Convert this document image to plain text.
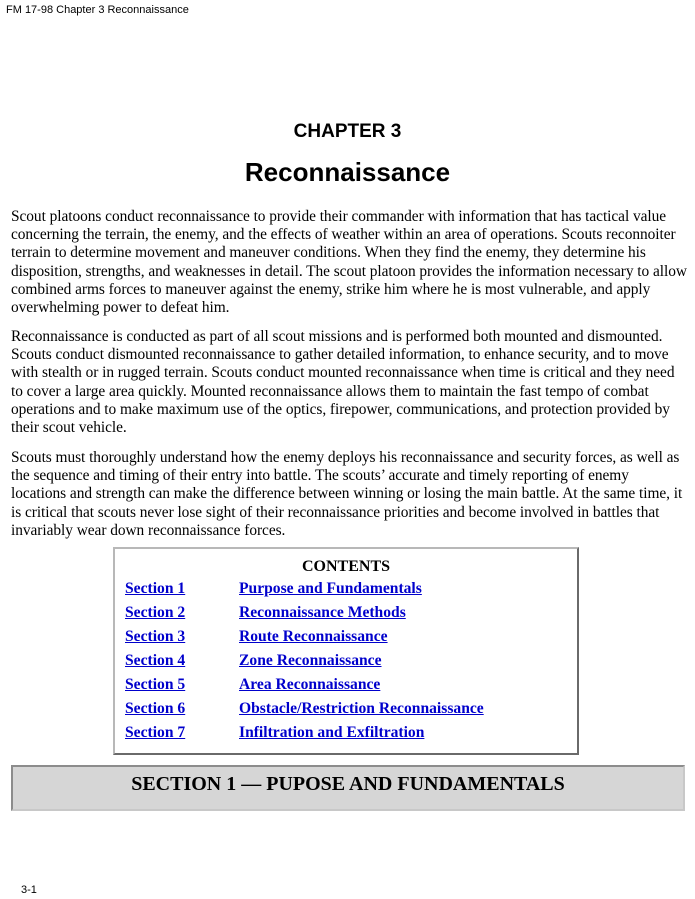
FM 17-98 Chapter 3 Reconnaissance
CHAPTER 3
Reconnaissance

Scout platoons conduct reconnaissance to provide their commander with information that has tactical value concerning the terrain, the enemy, and the effects of weather within an area of operations. Scouts reconnoiter terrain to determine movement and maneuver conditions. When they find the enemy, they determine his disposition, strengths, and weaknesses in detail. The scout platoon provides the information necessary to allow combined arms forces to maneuver against the enemy, strike him where he is most vulnerable, and apply overwhelming power to defeat him.

Reconnaissance is conducted as part of all scout missions and is performed both mounted and dismounted. Scouts conduct dismounted reconnaissance to gather detailed information, to enhance security, and to move with stealth or in rugged terrain. Scouts conduct mounted reconnaissance when time is critical and they need to cover a large area quickly. Mounted reconnaissance allows them to maintain the fast tempo of combat operations and to make maximum use of the optics, firepower, communications, and protection provided by their scout vehicle.

Scouts must thoroughly understand how the enemy deploys his reconnaissance and security forces, as well as the sequence and timing of their entry into battle. The scouts’ accurate and timely reporting of enemy locations and strength can make the difference between winning or losing the main battle. At the same time, it is critical that scouts never lose sight of their reconnaissance priorities and become involved in battles that invariably wear down reconnaissance forces.

CONTENTS
Section 1	Purpose and Fundamentals
Section 2	Reconnaissance Methods
Section 3	Route Reconnaissance
Section 4	Zone Reconnaissance
Section 5	Area Reconnaissance
Section 6	Obstacle/Restriction Reconnaissance
Section 7	Infiltration and Exfiltration
SECTION 1 — PUPOSE AND FUNDAMENTALS
3-1
